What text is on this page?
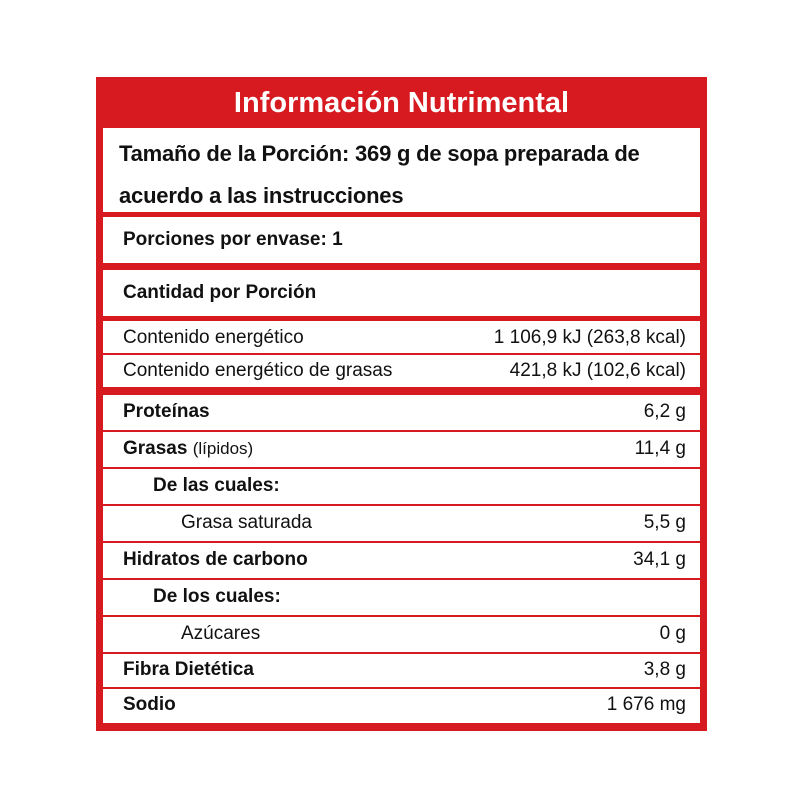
Información Nutrimental
Tamaño de la Porción: 369 g de sopa preparada de
acuerdo a las instrucciones
Porciones por envase: 1
Cantidad por Porción
Contenido energético	1 106,9 kJ (263,8 kcal)
Contenido energético de grasas	421,8 kJ (102,6 kcal)
Proteínas	6,2 g
Grasas (lípidos)	11,4 g
De las cuales:
Grasa saturada	5,5 g
Hidratos de carbono	34,1 g
De los cuales:
Azúcares	0 g
Fibra Dietética	3,8 g
Sodio	1 676 mg
